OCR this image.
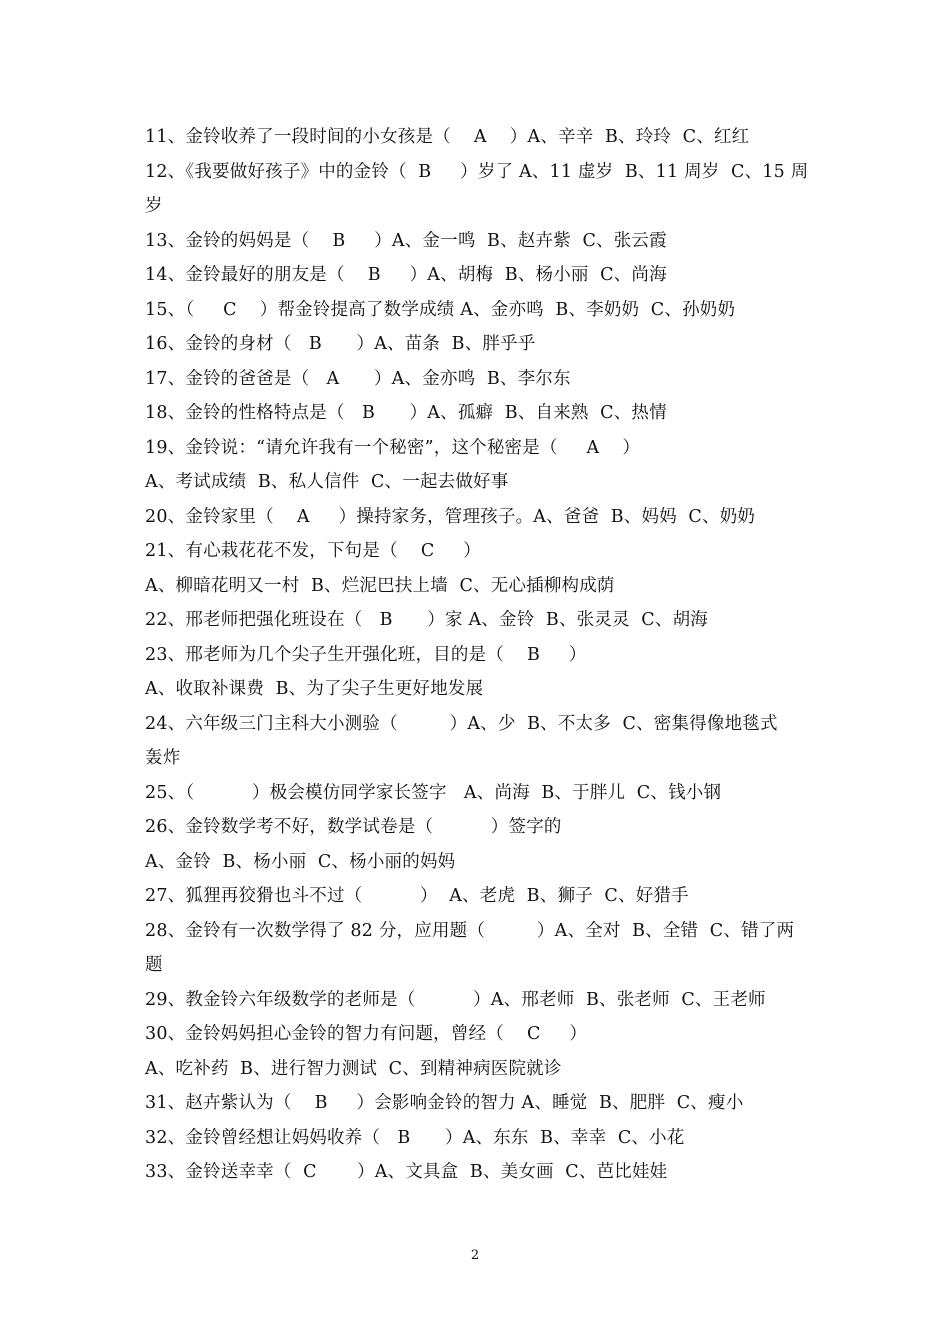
11、金铃收养了一段时间的小女孩是（    A    ）A、辛辛  B、玲玲  C、红红
12、《我要做好孩子》中的金铃（  B     ）岁了 A、11 虚岁  B、11 周岁  C、15 周
岁
13、金铃的妈妈是（    B     ）A、金一鸣  B、赵卉紫  C、张云霞
14、金铃最好的朋友是（    B     ）A、胡梅  B、杨小丽  C、尚海
15、（     C    ）帮金铃提高了数学成绩 A、金亦鸣  B、李奶奶  C、孙奶奶
16、金铃的身材（   B      ）A、苗条  B、胖乎乎
17、金铃的爸爸是（   A      ）A、金亦鸣  B、李尔东
18、金铃的性格特点是（   B      ）A、孤癖  B、自来熟  C、热情
19、金铃说：“请允许我有一个秘密”，这个秘密是（     A    ）
A、考试成绩  B、私人信件  C、一起去做好事
20、金铃家里（    A     ）操持家务，管理孩子。A、爸爸  B、妈妈  C、奶奶
21、有心栽花花不发，下句是（    C     ）
A、柳暗花明又一村  B、烂泥巴扶上墙  C、无心插柳构成荫
22、邢老师把强化班设在（   B      ）家 A、金铃  B、张灵灵  C、胡海
23、邢老师为几个尖子生开强化班，目的是（    B     ）
A、收取补课费  B、为了尖子生更好地发展
24、六年级三门主科大小测验（         ）A、少  B、不太多  C、密集得像地毯式
轰炸
25、（          ）极会模仿同学家长签字   A、尚海  B、于胖儿  C、钱小钢
26、金铃数学考不好，数学试卷是（          ）签字的
A、金铃  B、杨小丽  C、杨小丽的妈妈
27、狐狸再狡猾也斗不过（          ）  A、老虎  B、狮子  C、好猎手
28、金铃有一次数学得了 82 分，应用题（         ）A、全对  B、全错  C、错了两
题
29、教金铃六年级数学的老师是（          ）A、邢老师  B、张老师  C、王老师
30、金铃妈妈担心金铃的智力有问题，曾经（    C     ）
A、吃补药  B、进行智力测试  C、到精神病医院就诊
31、赵卉紫认为（    B     ）会影响金铃的智力 A、睡觉  B、肥胖  C、瘦小
32、金铃曾经想让妈妈收养（   B      ）A、东东  B、幸幸  C、小花
33、金铃送幸幸（  C       ）A、文具盒  B、美女画  C、芭比娃娃
2
